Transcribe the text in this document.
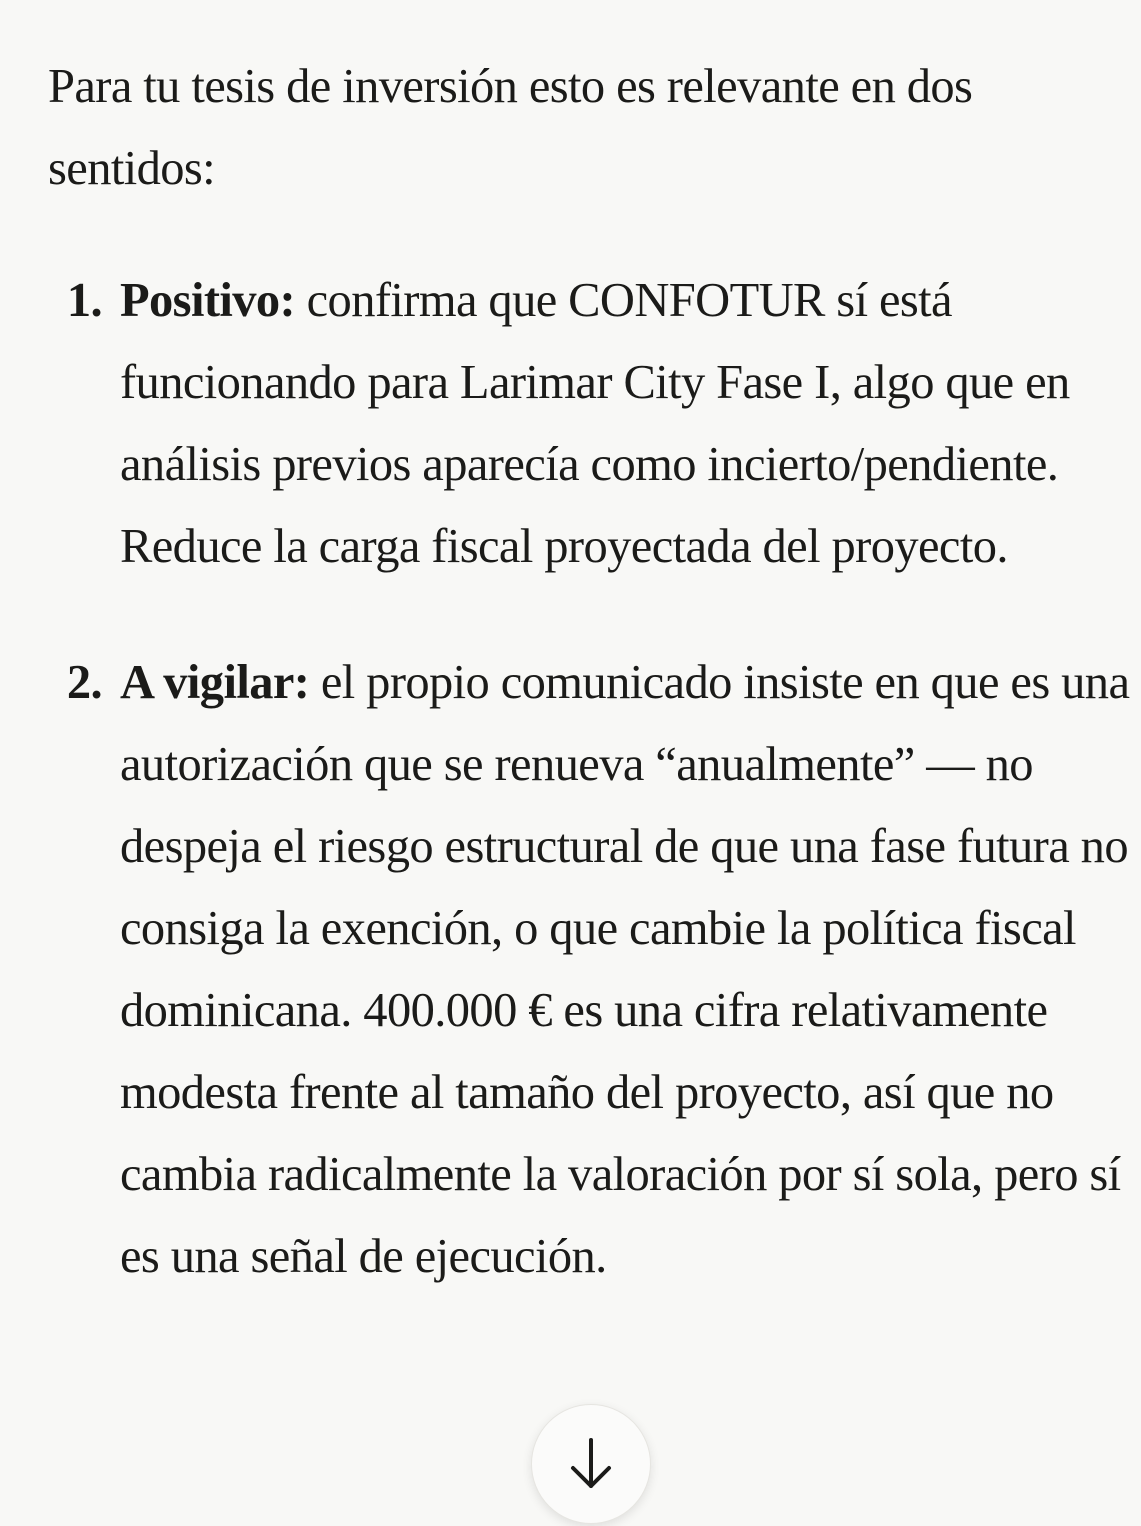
Para tu tesis de inversión esto es relevante en dos sentidos:

1. Positivo: confirma que CONFOTUR sí está funcionando para Larimar City Fase I, algo que en análisis previos aparecía como incierto/pendiente. Reduce la carga fiscal proyectada del proyecto.
2. A vigilar: el propio comunicado insiste en que es una autorización que se renueva “anualmente” — no despeja el riesgo estructural de que una fase futura no consiga la exención, o que cambie la política fiscal dominicana. 400.000 € es una cifra relativamente modesta frente al tamaño del proyecto, así que no cambia radicalmente la valoración por sí sola, pero sí es una señal de ejecución.
